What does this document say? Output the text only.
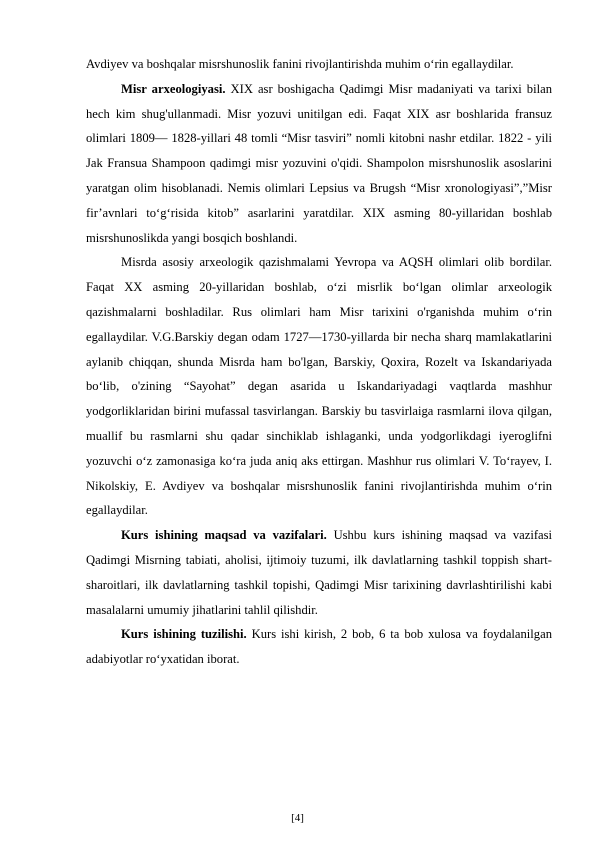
Avdiyev va boshqalar misrshunoslik fanini rivojlantirishda muhim o‘rin egallaydilar.

Misr arxeologiyasi. XIX asr boshigacha Qadimgi Misr madaniyati va tarixi bilan hech kim shug'ullanmadi. Misr yozuvi unitilgan edi. Faqat XIX asr boshlarida fransuz olimlari 1809— 1828-yillari 48 tomli “Misr tasviri” nomli kitobni nashr etdilar. 1822 - yili Jak Fransua Shampoon qadimgi misr yozuvini o'qidi. Shampolon misrshunoslik asoslarini yaratgan olim hisoblanadi. Nemis olimlari Lepsius va Brugsh “Misr xronologiyasi”,”Misr fir’avnlari to‘g‘risida kitob” asarlarini yaratdilar. XIX asming 80-yillaridan boshlab misrshunoslikda yangi bosqich boshlandi.

Misrda asosiy arxeologik qazishmalami Yevropa va AQSH olimlari olib bordilar. Faqat XX asming 20-yillaridan boshlab, o‘zi misrlik bo‘lgan olimlar arxeologik qazishmalarni boshladilar. Rus olimlari ham Misr tarixini o'rganishda muhim o‘rin egallaydilar. V.G.Barskiy degan odam 1727—1730-yillarda bir necha sharq mamlakatlarini aylanib chiqqan, shunda Misrda ham bo'lgan, Barskiy, Qoxira, Rozelt va Iskandariyada bo‘lib, o'zining “Sayohat” degan asarida u Iskandariyadagi vaqtlarda mashhur yodgorliklaridan birini mufassal tasvirlangan. Barskiy bu tasvirlaiga rasmlarni ilova qilgan, muallif bu rasmlarni shu qadar sinchiklab ishlaganki, unda yodgorlikdagi iyeroglifni yozuvchi o‘z zamonasiga ko‘ra juda aniq aks ettirgan. Mashhur rus olimlari V. To‘rayev, I. Nikolskiy, E. Avdiyev va boshqalar misrshunoslik fanini rivojlantirishda muhim o‘rin egallaydilar.

Kurs ishining maqsad va vazifalari. Ushbu kurs ishining maqsad va vazifasi Qadimgi Misrning tabiati, aholisi, ijtimoiy tuzumi, ilk davlatlarning tashkil toppish shart-sharoitlari, ilk davlatlarning tashkil topishi, Qadimgi Misr tarixining davrlashtirilishi kabi masalalarni umumiy jihatlarini tahlil qilishdir.

Kurs ishining tuzilishi. Kurs ishi kirish, 2 bob, 6 ta bob xulosa va foydalanilgan adabiyotlar ro‘yxatidan iborat.

[4]
